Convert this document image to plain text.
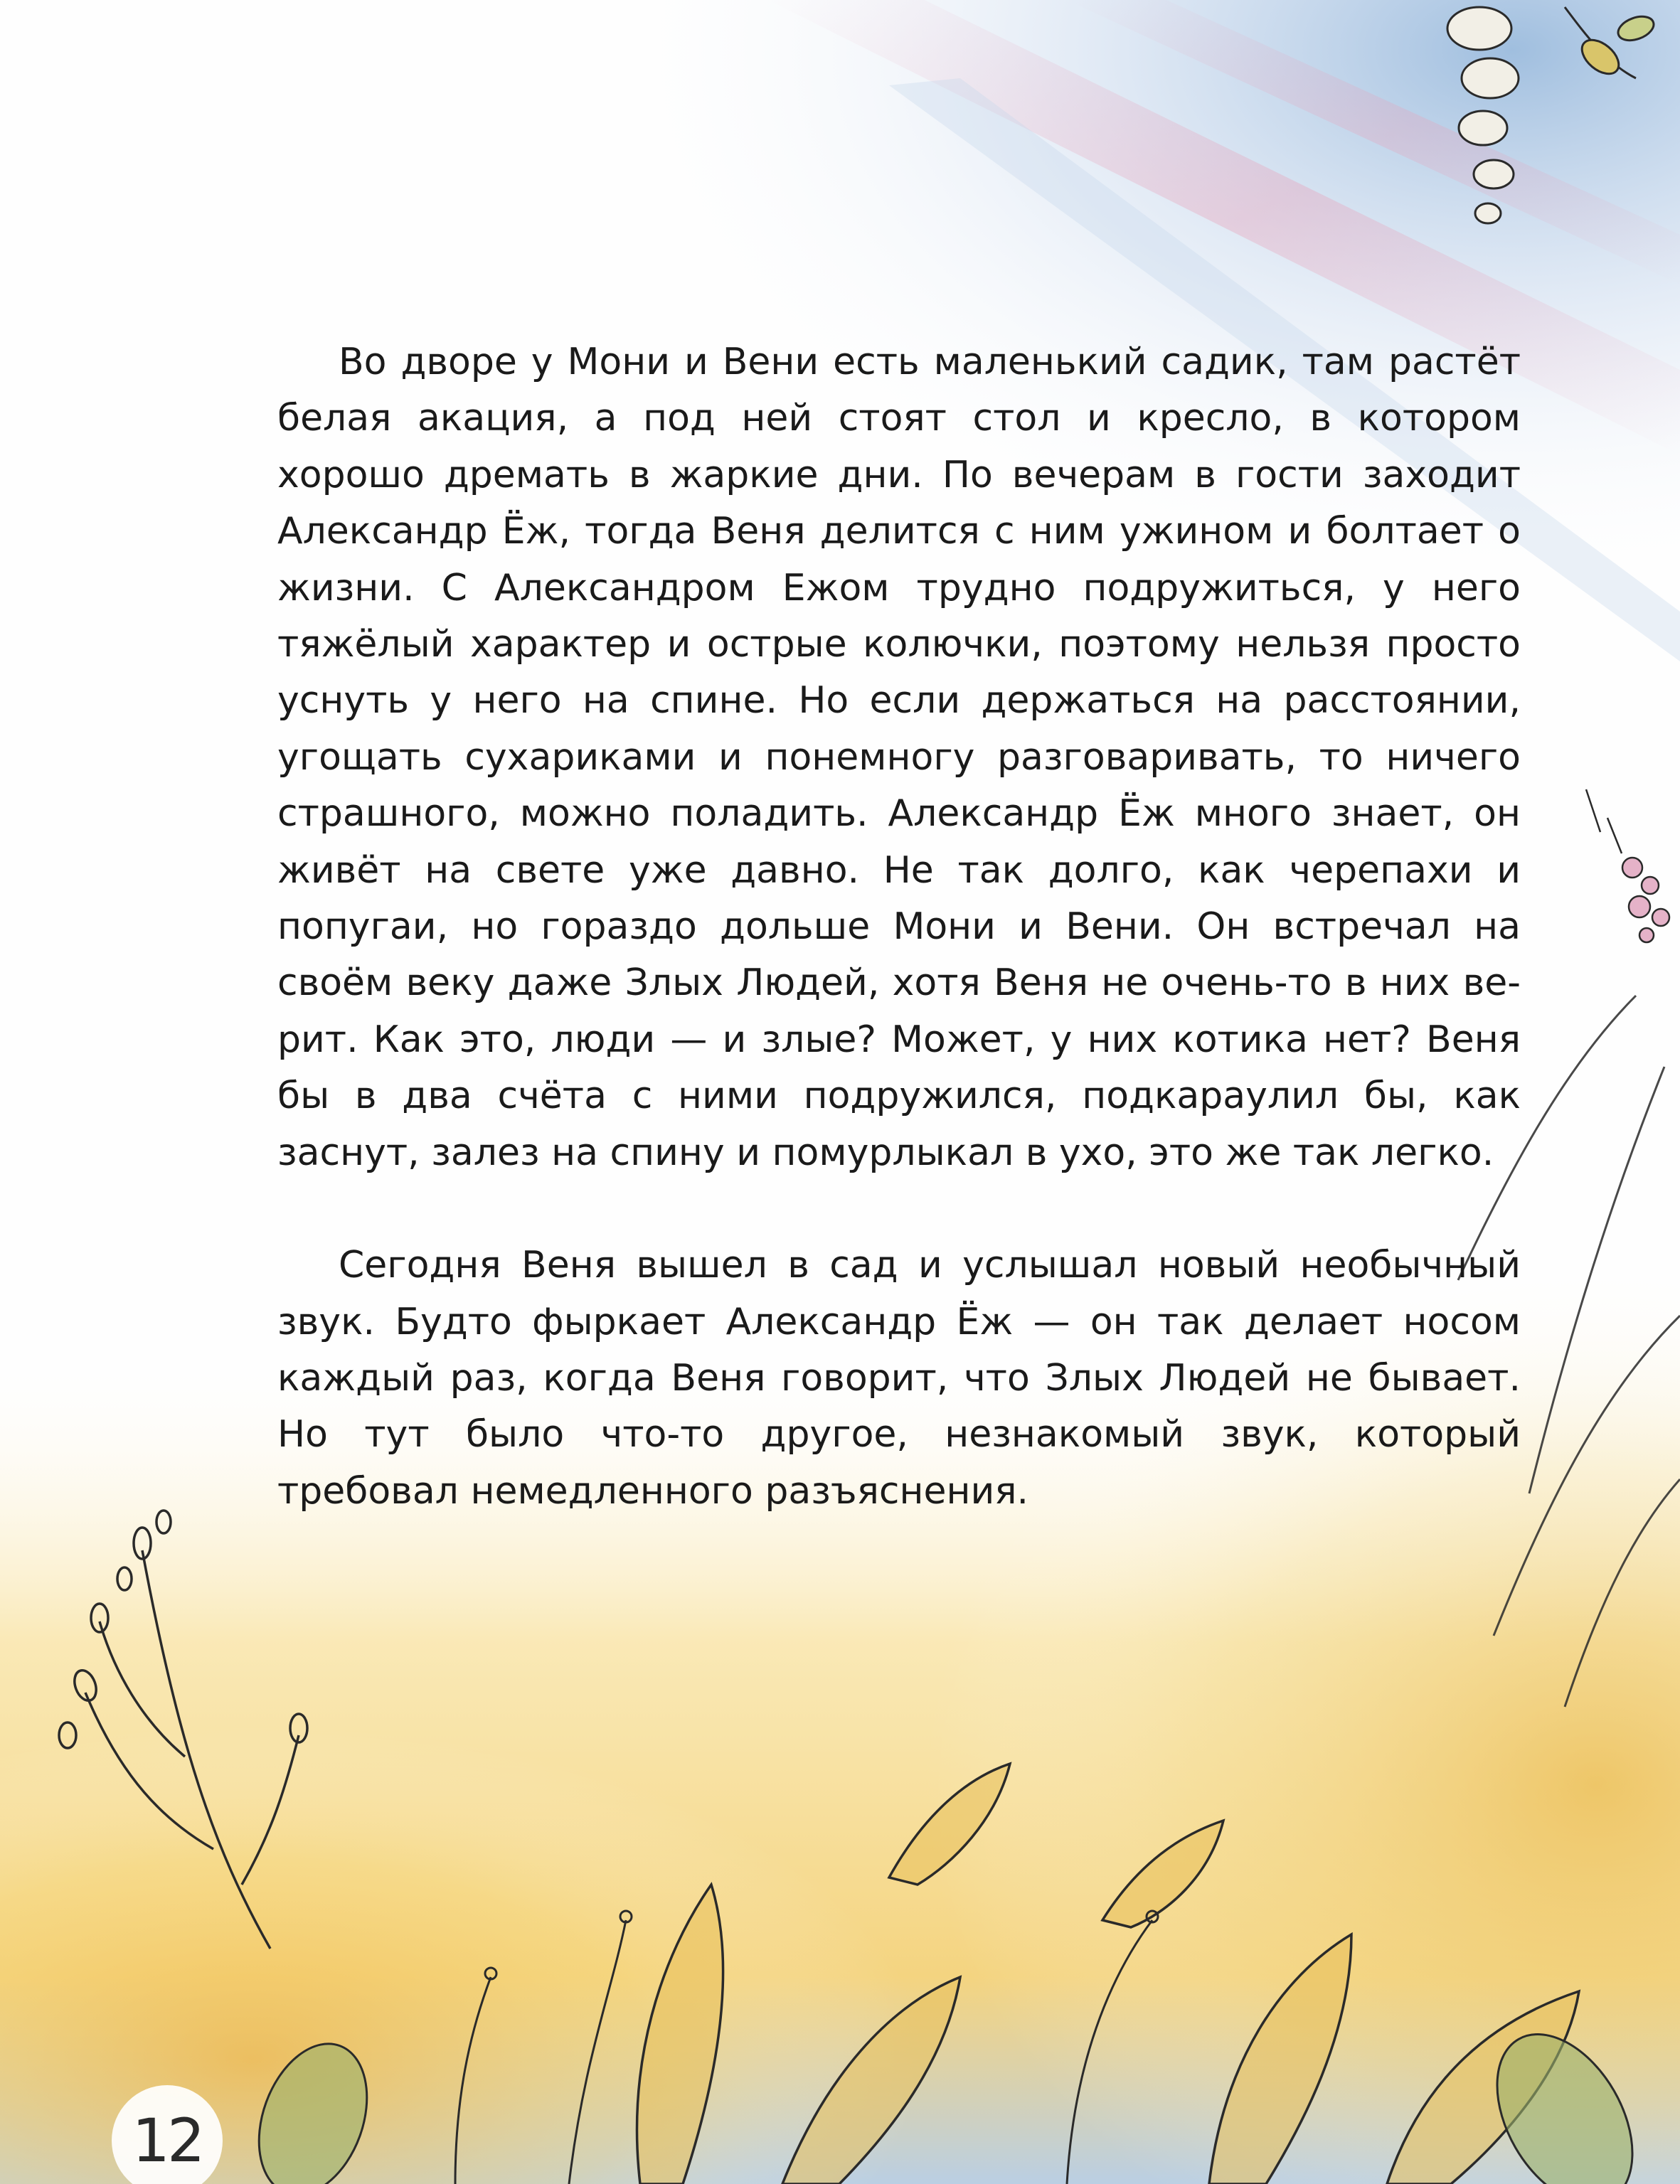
Во дворе у Мони и Вени есть маленький садик, там растёт белая акация, а под ней стоят стол и кресло, в котором хорошо дремать в жаркие дни. По вечерам в гости заходит Александр Ёж, тогда Веня делится с ним ужином и болтает о жизни. С Александром Ежом трудно подружиться, у него тяжёлый характер и острые колючки, поэтому нельзя просто уснуть у него на спине. Но если держаться на расстоянии, угощать сухариками и понемногу разговаривать, то ничего страшного, можно поладить. Александр Ёж много знает, он живёт на свете уже давно. Не так долго, как черепахи и попугаи, но гораздо дольше Мони и Вени. Он встречал на своём веку даже Злых Людей, хотя Веня не очень-то в них верит. Как это, люди — и злые? Может, у них котика нет? Веня бы в два счёта с ними подружился, подкараулил бы, как заснут, залез на спину и помурлыкал в ухо, это же так легко.

Сегодня Веня вышел в сад и услышал новый необычный звук. Будто фыркает Александр Ёж — он так делает носом каждый раз, когда Веня говорит, что Злых Людей не бывает. Но тут было что-то другое, незнакомый звук, который требовал немедленного разъяснения.

12
